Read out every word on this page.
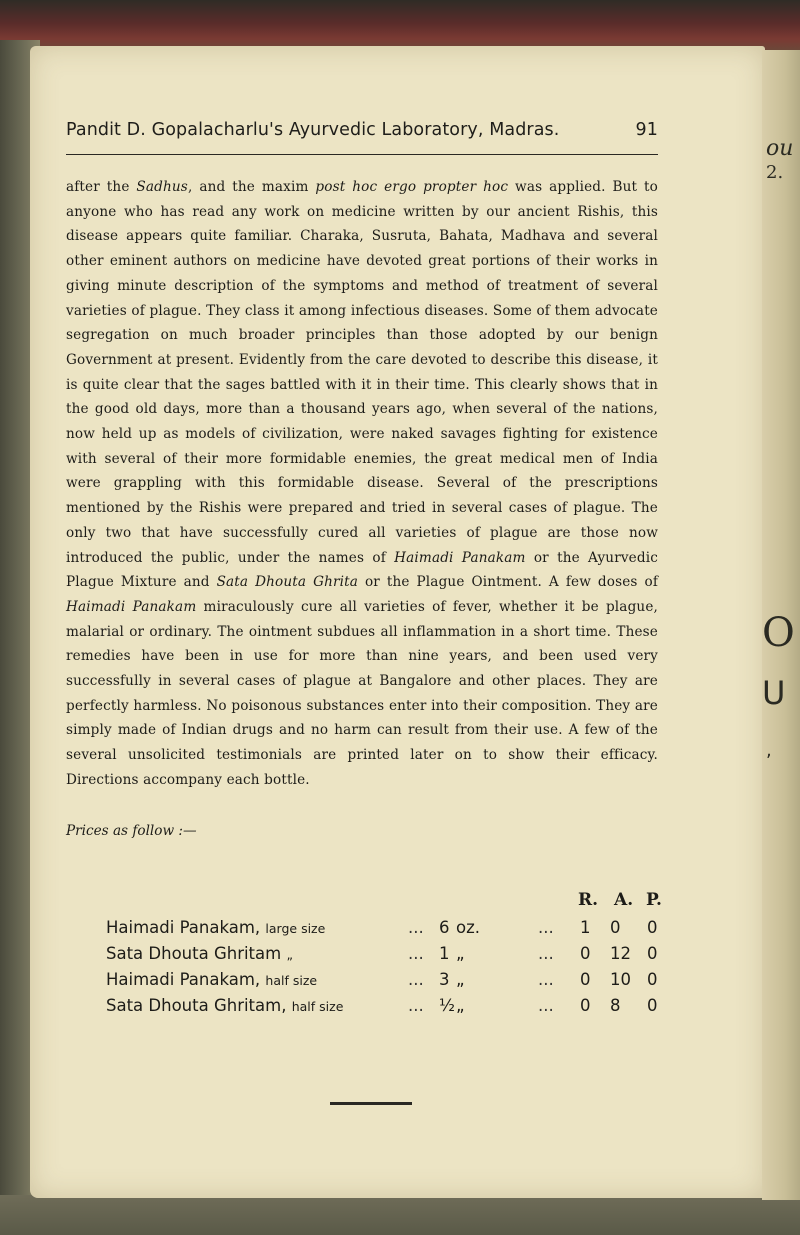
ou
2.
O
U
,
Pandit D. Gopalacharlu's Ayurvedic Laboratory, Madras.	91
after the Sadhus, and the maxim post hoc ergo propter hoc was applied. But to anyone who has read any work on medicine written by our ancient Rishis, this disease appears quite familiar. Charaka, Susruta, Bahata, Madhava and several other eminent authors on medicine have devoted great portions of their works in giving minute description of the symptoms and method of treatment of several varieties of plague. They class it among infectious diseases. Some of them advocate segregation on much broader principles than those adopted by our benign Government at present. Evidently from the care devoted to describe this disease, it is quite clear that the sages battled with it in their time. This clearly shows that in the good old days, more than a thousand years ago, when several of the nations, now held up as models of civilization, were naked savages fighting for existence with several of their more formidable enemies, the great medical men of India were grappling with this formidable disease. Several of the prescriptions mentioned by the Rishis were prepared and tried in several cases of plague. The only two that have successfully cured all varieties of plague are those now introduced the public, under the names of Haimadi Panakam or the Ayurvedic Plague Mixture and Sata Dhouta Ghrita or the Plague Ointment. A few doses of Haimadi Panakam miraculously cure all varieties of fever, whether it be plague, malarial or ordinary. The ointment subdues all inflammation in a short time. These remedies have been in use for more than nine years, and been used very successfully in several cases of plague at Bangalore and other places. They are perfectly harmless. No poisonous substances enter into their composition. They are simply made of Indian drugs and no harm can result from their use. A few of the several unsolicited testimonials are printed later on to show their efficacy. Directions accompany each bottle.
Prices as follow :—
R. A. P.
Haimadi Panakam, large size	... 6 oz.	... 1 0 0
Sata Dhouta Ghritam „	... 1 „	... 0 12 0
Haimadi Panakam, half size	... 3 „	... 0 10 0
Sata Dhouta Ghritam, half size	... ½ „	... 0 8 0
